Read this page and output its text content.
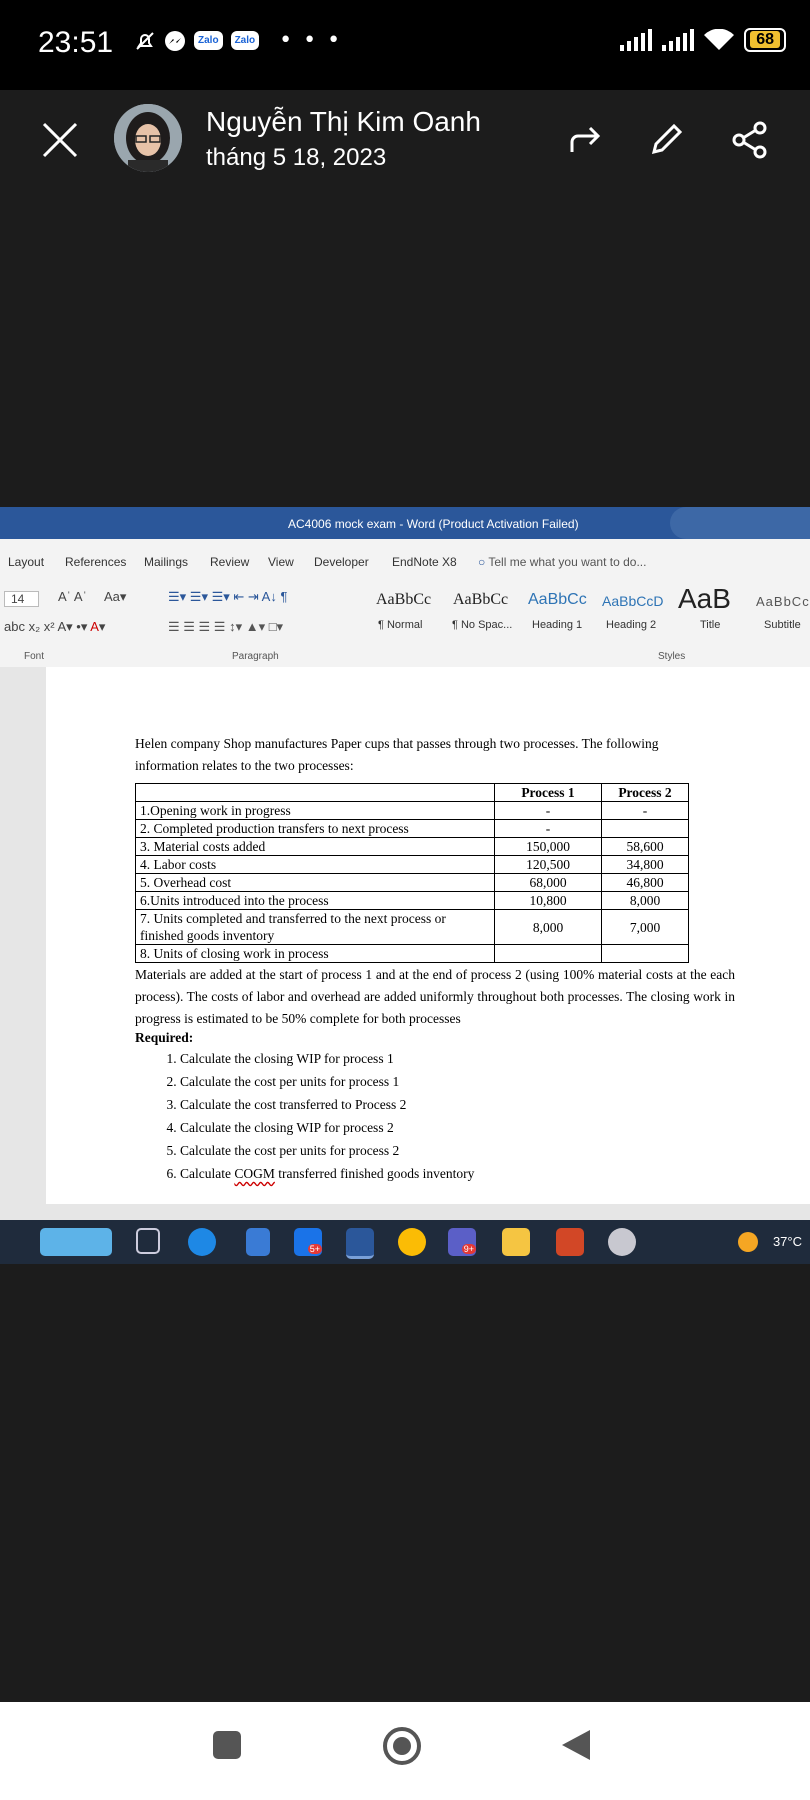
23:51	Zalo	Zalo • • •	68
Nguyễn Thị Kim Oanh
tháng 5 18, 2023
AC4006 mock exam - Word (Product Activation Failed)
Layout References Mailings Review View Developer EndNote X8 ○ Tell me what you want to do...
14	Aˈ Aˈ Aa▾
abc x₂ x² A▾ •▾ A▾
☰▾ ☰▾ ☰▾ ⇤ ⇥ A↓ ¶
☰ ☰ ☰ ☰ ↕▾ ▲▾ □▾
AaBbCc
¶ Normal
AaBbCc
¶ No Spac...
AaBbCc
Heading 1
AaBbCcD
Heading 2
AaB
Title
AaBbCc
Subtitle
Font	Paragraph	Styles
Helen company Shop manufactures Paper cups that passes through two processes. The following information relates to the two processes:
	Process 1	Process 2
1.Opening work in progress	-	-
2. Completed production transfers to next process	-	
3. Material costs added	150,000	58,600
4. Labor costs	120,500	34,800
5. Overhead cost	68,000	46,800
6.Units introduced into the process	10,800	8,000
7. Units completed and transferred to the next process or finished goods inventory	8,000	7,000
8. Units of closing work in process		
Materials are added at the start of process 1 and at the end of process 2 (using 100% material costs at the each process). The costs of labor and overhead are added uniformly throughout both processes. The closing work in progress is estimated to be 50% complete for both processes
Required:
1. Calculate the closing WIP for process 1
2. Calculate the cost per units for process 1
3. Calculate the cost transferred to Process 2
4. Calculate the closing WIP for process 2
5. Calculate the cost per units for process 2
6. Calculate COGM transferred finished goods inventory
5+	9+	37°C
